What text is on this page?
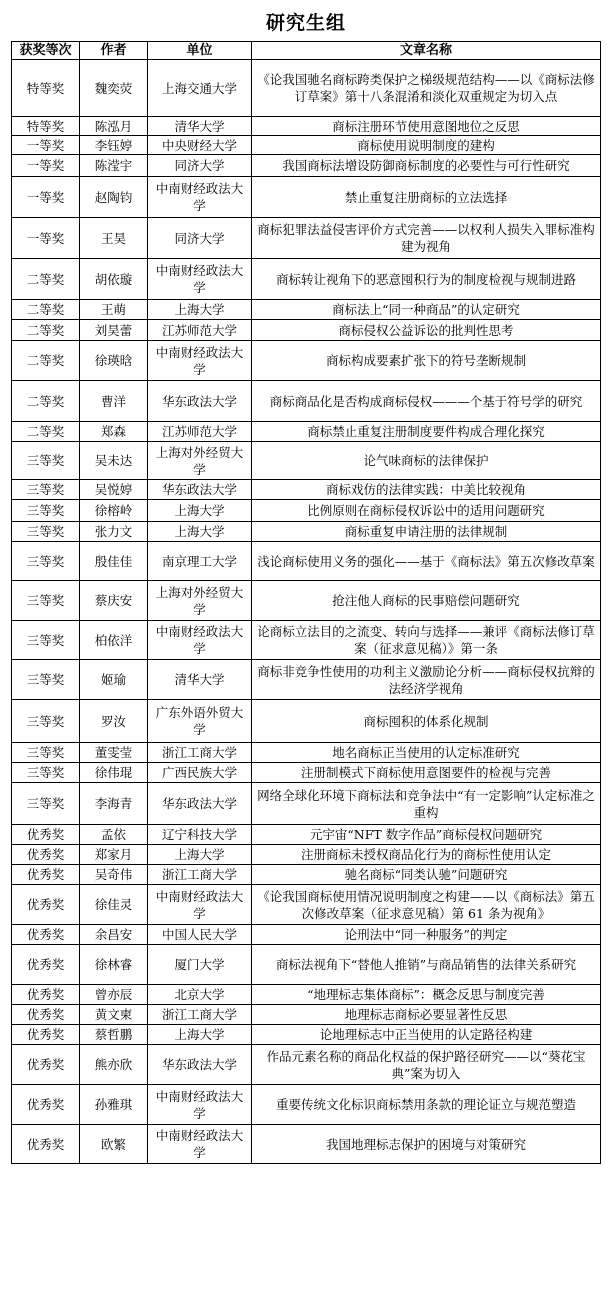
研究生组
获奖等次	作者	单位	文章名称
特等奖	魏奕荧	上海交通大学	《论我国驰名商标跨类保护之梯级规范结构——以《商标法修订草案》第十八条混淆和淡化双重规定为切入点
特等奖	陈泓月	清华大学	商标注册环节使用意图地位之反思
一等奖	李钰婷	中央财经大学	商标使用说明制度的建构
一等奖	陈滢宇	同济大学	我国商标法增设防御商标制度的必要性与可行性研究
一等奖	赵陶钧	中南财经政法大学	禁止重复注册商标的立法选择
一等奖	王昊	同济大学	商标犯罪法益侵害评价方式完善——以权利人损失入罪标准构建为视角
二等奖	胡依璇	中南财经政法大学	商标转让视角下的恶意囤积行为的制度检视与规制进路
二等奖	王萌	上海大学	商标法上“同一种商品”的认定研究
二等奖	刘昊蕾	江苏师范大学	商标侵权公益诉讼的批判性思考
二等奖	徐瑛晗	中南财经政法大学	商标构成要素扩张下的符号垄断规制
二等奖	曹洋	华东政法大学	商标商品化是否构成商标侵权———个基于符号学的研究
二等奖	郑森	江苏师范大学	商标禁止重复注册制度要件构成合理化探究
三等奖	吴未达	上海对外经贸大学	论气味商标的法律保护
三等奖	吴悦婷	华东政法大学	商标戏仿的法律实践：中美比较视角
三等奖	徐榕岭	上海大学	比例原则在商标侵权诉讼中的适用问题研究
三等奖	张力文	上海大学	商标重复申请注册的法律规制
三等奖	殷佳佳	南京理工大学	浅论商标使用义务的强化——基于《商标法》第五次修改草案
三等奖	蔡庆安	上海对外经贸大学	抢注他人商标的民事赔偿问题研究
三等奖	柏依洋	中南财经政法大学	论商标立法目的之流变、转向与选择——兼评《商标法修订草案（征求意见稿）》第一条
三等奖	姬瑜	清华大学	商标非竞争性使用的功利主义激励论分析——商标侵权抗辩的法经济学视角
三等奖	罗汝	广东外语外贸大学	商标囤积的体系化规制
三等奖	董雯莹	浙江工商大学	地名商标正当使用的认定标准研究
三等奖	徐伟琨	广西民族大学	注册制模式下商标使用意图要件的检视与完善
三等奖	李海青	华东政法大学	网络全球化环境下商标法和竞争法中“有一定影响”认定标准之重构
优秀奖	孟依	辽宁科技大学	元宇宙“NFT 数字作品”商标侵权问题研究
优秀奖	郑家月	上海大学	注册商标未授权商品化行为的商标性使用认定
优秀奖	吴奇伟	浙江工商大学	驰名商标“同类认驰”问题研究
优秀奖	徐佳灵	中南财经政法大学	《论我国商标使用情况说明制度之构建——以《商标法》第五次修改草案（征求意见稿）第 61 条为视角》
优秀奖	余昌安	中国人民大学	论刑法中“同一种服务”的判定
优秀奖	徐林睿	厦门大学	商标法视角下“替他人推销”与商品销售的法律关系研究
优秀奖	曾亦辰	北京大学	“地理标志集体商标”：概念反思与制度完善
优秀奖	黄文柬	浙江工商大学	地理标志商标必要显著性反思
优秀奖	蔡哲鹏	上海大学	论地理标志中正当使用的认定路径构建
优秀奖	熊亦欣	华东政法大学	作品元素名称的商品化权益的保护路径研究——以“葵花宝典”案为切入
优秀奖	孙雅琪	中南财经政法大学	重要传统文化标识商标禁用条款的理论证立与规范塑造
优秀奖	欧繁	中南财经政法大学	我国地理标志保护的困境与对策研究
